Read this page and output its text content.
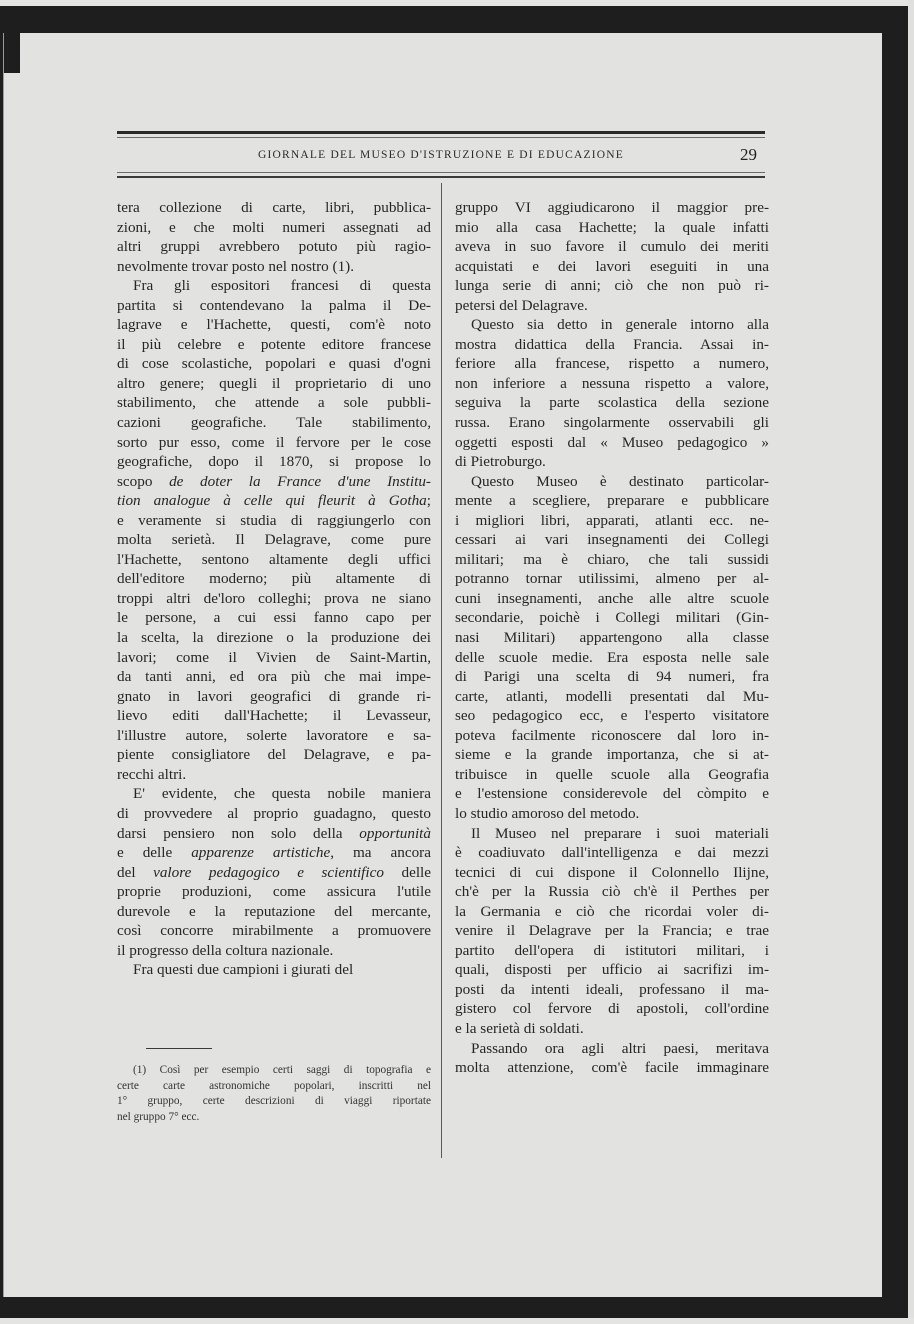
GIORNALE DEL MUSEO D'ISTRUZIONE E DI EDUCAZIONE	29

tera collezione di carte, libri, pubblica-
zioni, e che molti numeri assegnati ad
altri gruppi avrebbero potuto più ragio-
nevolmente trovar posto nel nostro (1).

Fra gli espositori francesi di questa
partita si contendevano la palma il De-
lagrave e l'Hachette, questi, com'è noto
il più celebre e potente editore francese
di cose scolastiche, popolari e quasi d'ogni
altro genere; quegli il proprietario di uno
stabilimento, che attende a sole pubbli-
cazioni geografiche. Tale stabilimento,
sorto pur esso, come il fervore per le cose
geografiche, dopo il 1870, si propose lo
scopo de doter la France d'une Institu-
tion analogue à celle qui fleurit à Gotha;
e veramente si studia di raggiungerlo con
molta serietà. Il Delagrave, come pure
l'Hachette, sentono altamente degli uffici
dell'editore moderno; più altamente di
troppi altri de'loro colleghi; prova ne siano
le persone, a cui essi fanno capo per
la scelta, la direzione o la produzione dei
lavori; come il Vivien de Saint-Martin,
da tanti anni, ed ora più che mai impe-
gnato in lavori geografici di grande ri-
lievo editi dall'Hachette; il Levasseur,
l'illustre autore, solerte lavoratore e sa-
piente consigliatore del Delagrave, e pa-
recchi altri.

E' evidente, che questa nobile maniera
di provvedere al proprio guadagno, questo
darsi pensiero non solo della opportunità
e delle apparenze artistiche, ma ancora
del valore pedagogico e scientifico delle
proprie produzioni, come assicura l'utile
durevole e la reputazione del mercante,
così concorre mirabilmente a promuovere
il progresso della coltura nazionale.

Fra questi due campioni i giurati del

(1) Così per esempio certi saggi di topografia e
certe carte astronomiche popolari, inscritti nel
1° gruppo, certe descrizioni di viaggi riportate
nel gruppo 7° ecc.

gruppo VI aggiudicarono il maggior pre-
mio alla casa Hachette; la quale infatti
aveva in suo favore il cumulo dei meriti
acquistati e dei lavori eseguiti in una
lunga serie di anni; ciò che non può ri-
petersi del Delagrave.

Questo sia detto in generale intorno alla
mostra didattica della Francia. Assai in-
feriore alla francese, rispetto a numero,
non inferiore a nessuna rispetto a valore,
seguiva la parte scolastica della sezione
russa. Erano singolarmente osservabili gli
oggetti esposti dal « Museo pedagogico »
di Pietroburgo.

Questo Museo è destinato particolar-
mente a scegliere, preparare e pubblicare
i migliori libri, apparati, atlanti ecc. ne-
cessari ai vari insegnamenti dei Collegi
militari; ma è chiaro, che tali sussidi
potranno tornar utilissimi, almeno per al-
cuni insegnamenti, anche alle altre scuole
secondarie, poichè i Collegi militari (Gin-
nasi Militari) appartengono alla classe
delle scuole medie. Era esposta nelle sale
di Parigi una scelta di 94 numeri, fra
carte, atlanti, modelli presentati dal Mu-
seo pedagogico ecc, e l'esperto visitatore
poteva facilmente riconoscere dal loro in-
sieme e la grande importanza, che si at-
tribuisce in quelle scuole alla Geografia
e l'estensione considerevole del còmpito e
lo studio amoroso del metodo.

Il Museo nel preparare i suoi materiali
è coadiuvato dall'intelligenza e dai mezzi
tecnici di cui dispone il Colonnello Ilijne,
ch'è per la Russia ciò ch'è il Perthes per
la Germania e ciò che ricordai voler di-
venire il Delagrave per la Francia; e trae
partito dell'opera di istitutori militari, i
quali, disposti per ufficio ai sacrifizi im-
posti da intenti ideali, professano il ma-
gistero col fervore di apostoli, coll'ordine
e la serietà di soldati.

Passando ora agli altri paesi, meritava
molta attenzione, com'è facile immaginare
